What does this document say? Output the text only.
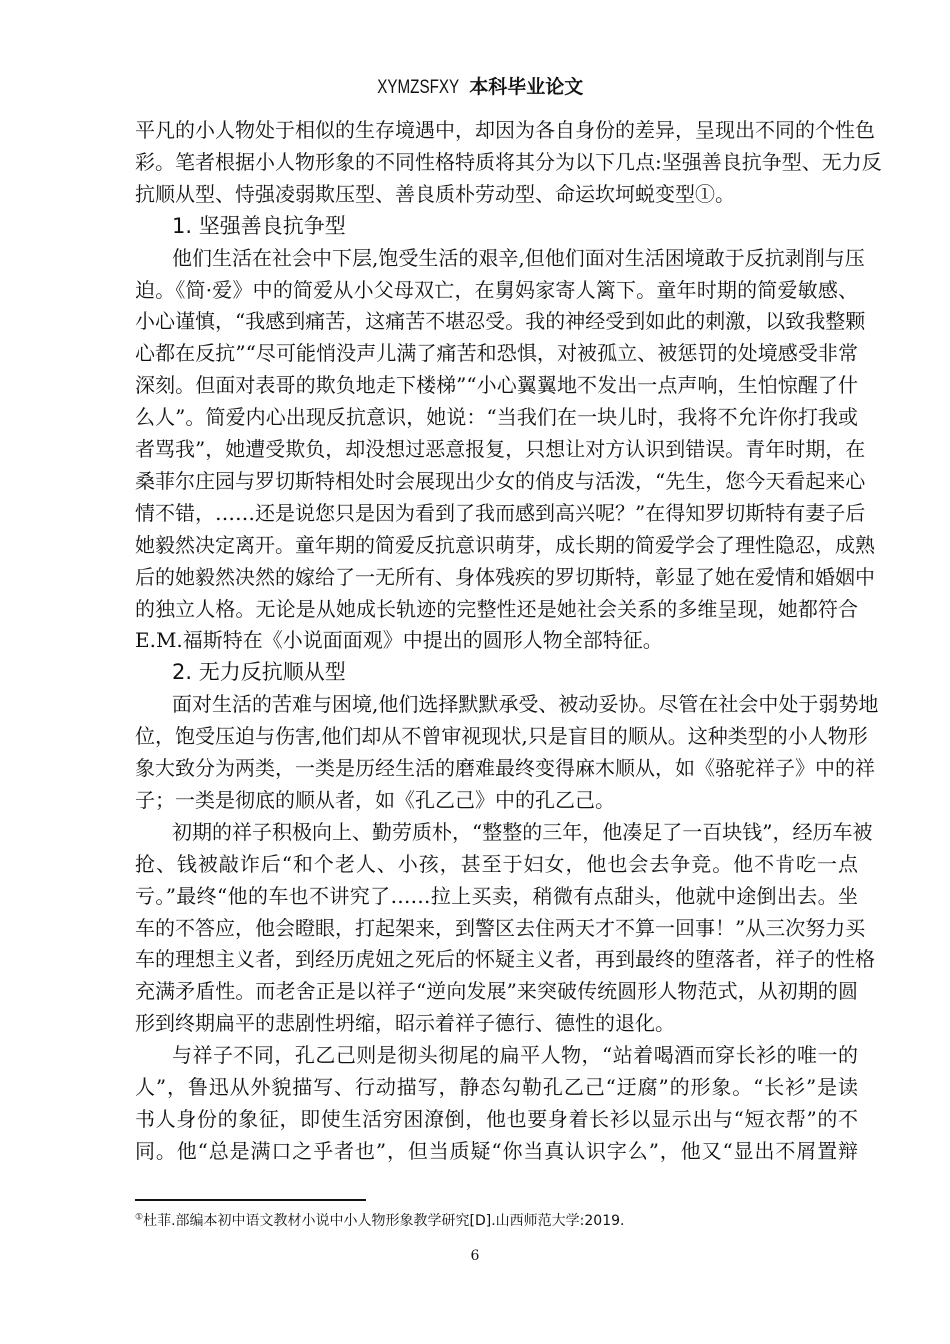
XYMZSFXY 本科毕业论文
平凡的小人物处于相似的生存境遇中，却因为各自身份的差异，呈现出不同的个性色
彩。笔者根据小人物形象的不同性格特质将其分为以下几点:坚强善良抗争型、无力反
抗顺从型、恃强凌弱欺压型、善良质朴劳动型、命运坎坷蜕变型①。
1. 坚强善良抗争型
他们生活在社会中下层,饱受生活的艰辛,但他们面对生活困境敢于反抗剥削与压
迫。《简·爱》中的简爱从小父母双亡，在舅妈家寄人篱下。童年时期的简爱敏感、
小心谨慎，“我感到痛苦，这痛苦不堪忍受。我的神经受到如此的刺激，以致我整颗
心都在反抗”“尽可能悄没声儿满了痛苦和恐惧，对被孤立、被惩罚的处境感受非常
深刻。但面对表哥的欺负地走下楼梯”“小心翼翼地不发出一点声响，生怕惊醒了什
么人”。简爱内心出现反抗意识，她说：“当我们在一块儿时，我将不允许你打我或
者骂我”，她遭受欺负，却没想过恶意报复，只想让对方认识到错误。青年时期，在
桑菲尔庄园与罗切斯特相处时会展现出少女的俏皮与活泼，“先生，您今天看起来心
情不错，……还是说您只是因为看到了我而感到高兴呢？”在得知罗切斯特有妻子后
她毅然决定离开。童年期的简爱反抗意识萌芽，成长期的简爱学会了理性隐忍，成熟
后的她毅然决然的嫁给了一无所有、身体残疾的罗切斯特，彰显了她在爱情和婚姻中
的独立人格。无论是从她成长轨迹的完整性还是她社会关系的多维呈现，她都符合
E.M.福斯特在《小说面面观》中提出的圆形人物全部特征。
2. 无力反抗顺从型
面对生活的苦难与困境,他们选择默默承受、被动妥协。尽管在社会中处于弱势地
位，饱受压迫与伤害,他们却从不曾审视现状,只是盲目的顺从。这种类型的小人物形
象大致分为两类，一类是历经生活的磨难最终变得麻木顺从，如《骆驼祥子》中的祥
子；一类是彻底的顺从者，如《孔乙己》中的孔乙己。
初期的祥子积极向上、勤劳质朴，“整整的三年，他凑足了一百块钱”，经历车被
抢、钱被敲诈后“和个老人、小孩，甚至于妇女，他也会去争竞。他不肯吃一点
亏。”最终“他的车也不讲究了……拉上买卖，稍微有点甜头，他就中途倒出去。坐
车的不答应，他会瞪眼，打起架来，到警区去住两天才不算一回事！”从三次努力买
车的理想主义者，到经历虎妞之死后的怀疑主义者，再到最终的堕落者，祥子的性格
充满矛盾性。而老舍正是以祥子“逆向发展”来突破传统圆形人物范式，从初期的圆
形到终期扁平的悲剧性坍缩，昭示着祥子德行、德性的退化。
与祥子不同，孔乙己则是彻头彻尾的扁平人物，“站着喝酒而穿长衫的唯一的
人”，鲁迅从外貌描写、行动描写，静态勾勒孔乙己“迂腐”的形象。“长衫”是读
书人身份的象征，即使生活穷困潦倒，他也要身着长衫以显示出与“短衣帮”的不
同。他“总是满口之乎者也”，但当质疑“你当真认识字么”，他又“显出不屑置辩
①杜菲.部编本初中语文教材小说中小人物形象教学研究[D].山西师范大学:2019.
6
